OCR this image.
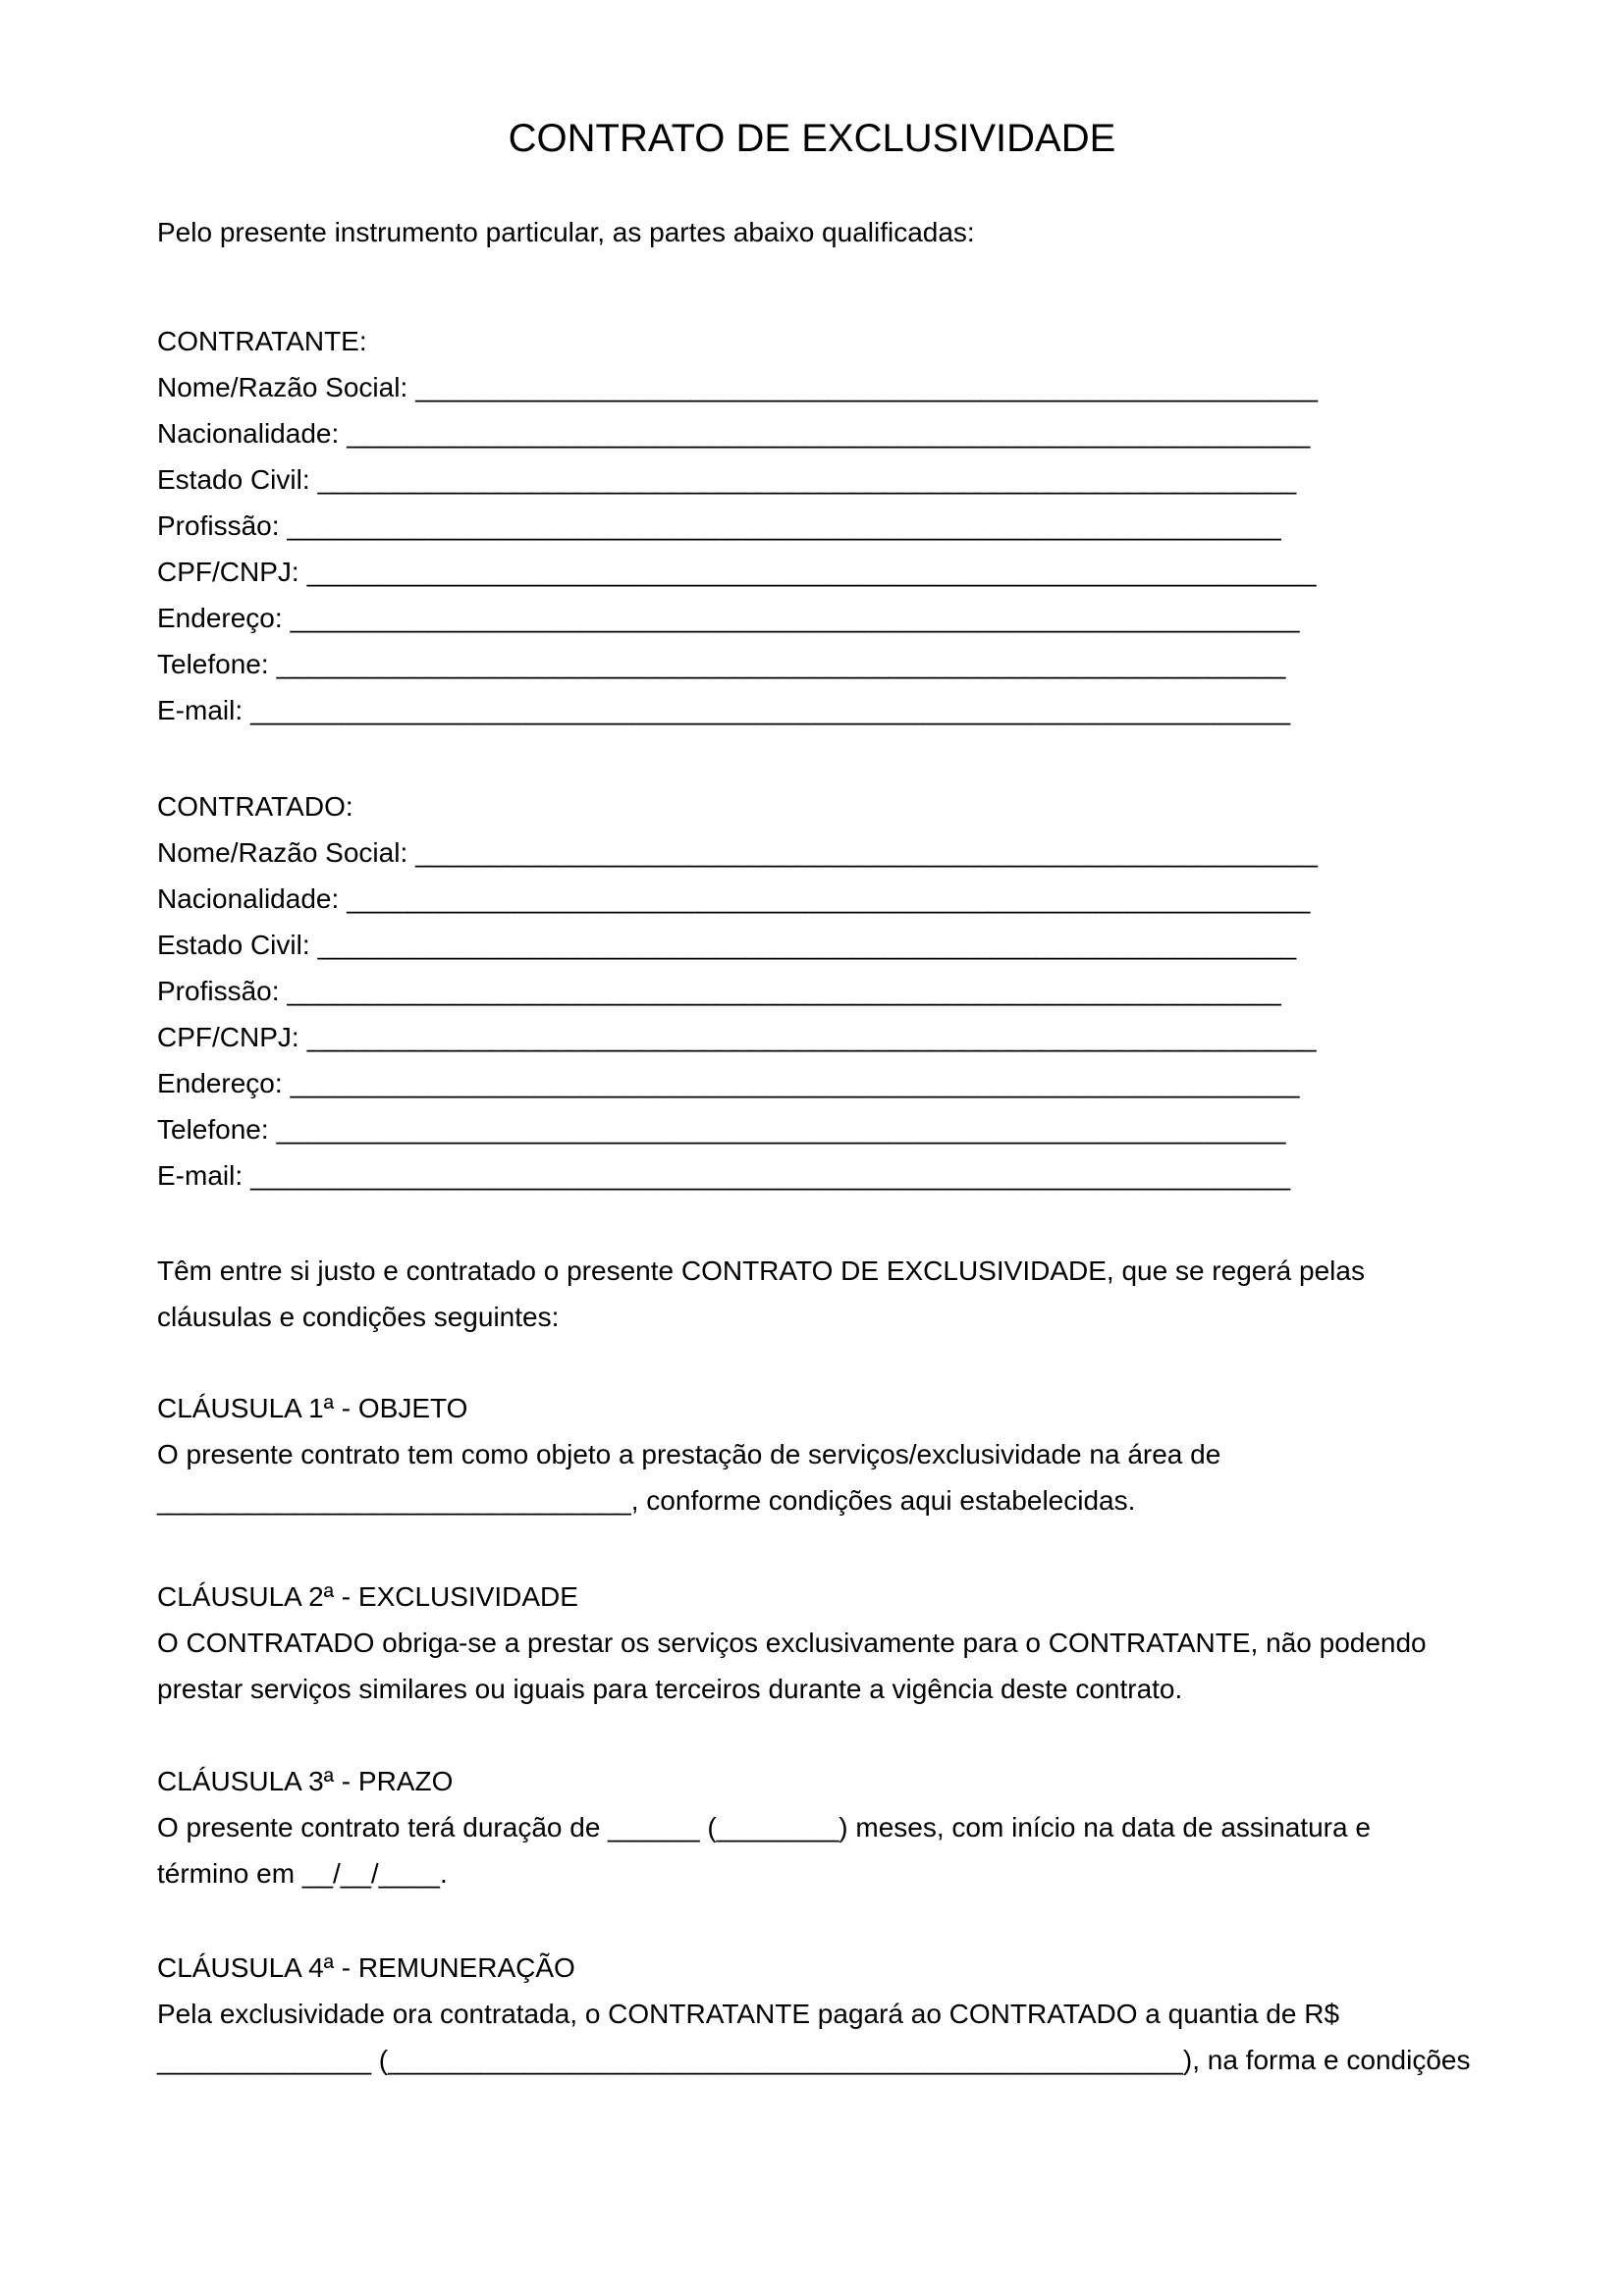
CONTRATO DE EXCLUSIVIDADE
Pelo presente instrumento particular, as partes abaixo qualificadas:
CONTRATANTE:
Nome/Razão Social: ___________________________________________________________
Nacionalidade: _______________________________________________________________
Estado Civil: ________________________________________________________________
Profissão: _________________________________________________________________
CPF/CNPJ: __________________________________________________________________
Endereço: __________________________________________________________________
Telefone: __________________________________________________________________
E-mail: ____________________________________________________________________
CONTRATADO:
Nome/Razão Social: ___________________________________________________________
Nacionalidade: _______________________________________________________________
Estado Civil: ________________________________________________________________
Profissão: _________________________________________________________________
CPF/CNPJ: __________________________________________________________________
Endereço: __________________________________________________________________
Telefone: __________________________________________________________________
E-mail: ____________________________________________________________________
Têm entre si justo e contratado o presente CONTRATO DE EXCLUSIVIDADE, que se regerá pelas
cláusulas e condições seguintes:
CLÁUSULA 1ª - OBJETO
O presente contrato tem como objeto a prestação de serviços/exclusividade na área de
_______________________________, conforme condições aqui estabelecidas.
CLÁUSULA 2ª - EXCLUSIVIDADE
O CONTRATADO obriga-se a prestar os serviços exclusivamente para o CONTRATANTE, não podendo
prestar serviços similares ou iguais para terceiros durante a vigência deste contrato.
CLÁUSULA 3ª - PRAZO
O presente contrato terá duração de ______ (________) meses, com início na data de assinatura e
término em __/__/____.
CLÁUSULA 4ª - REMUNERAÇÃO
Pela exclusividade ora contratada, o CONTRATANTE pagará ao CONTRATADO a quantia de R$
______________ (____________________________________________________), na forma e condições
